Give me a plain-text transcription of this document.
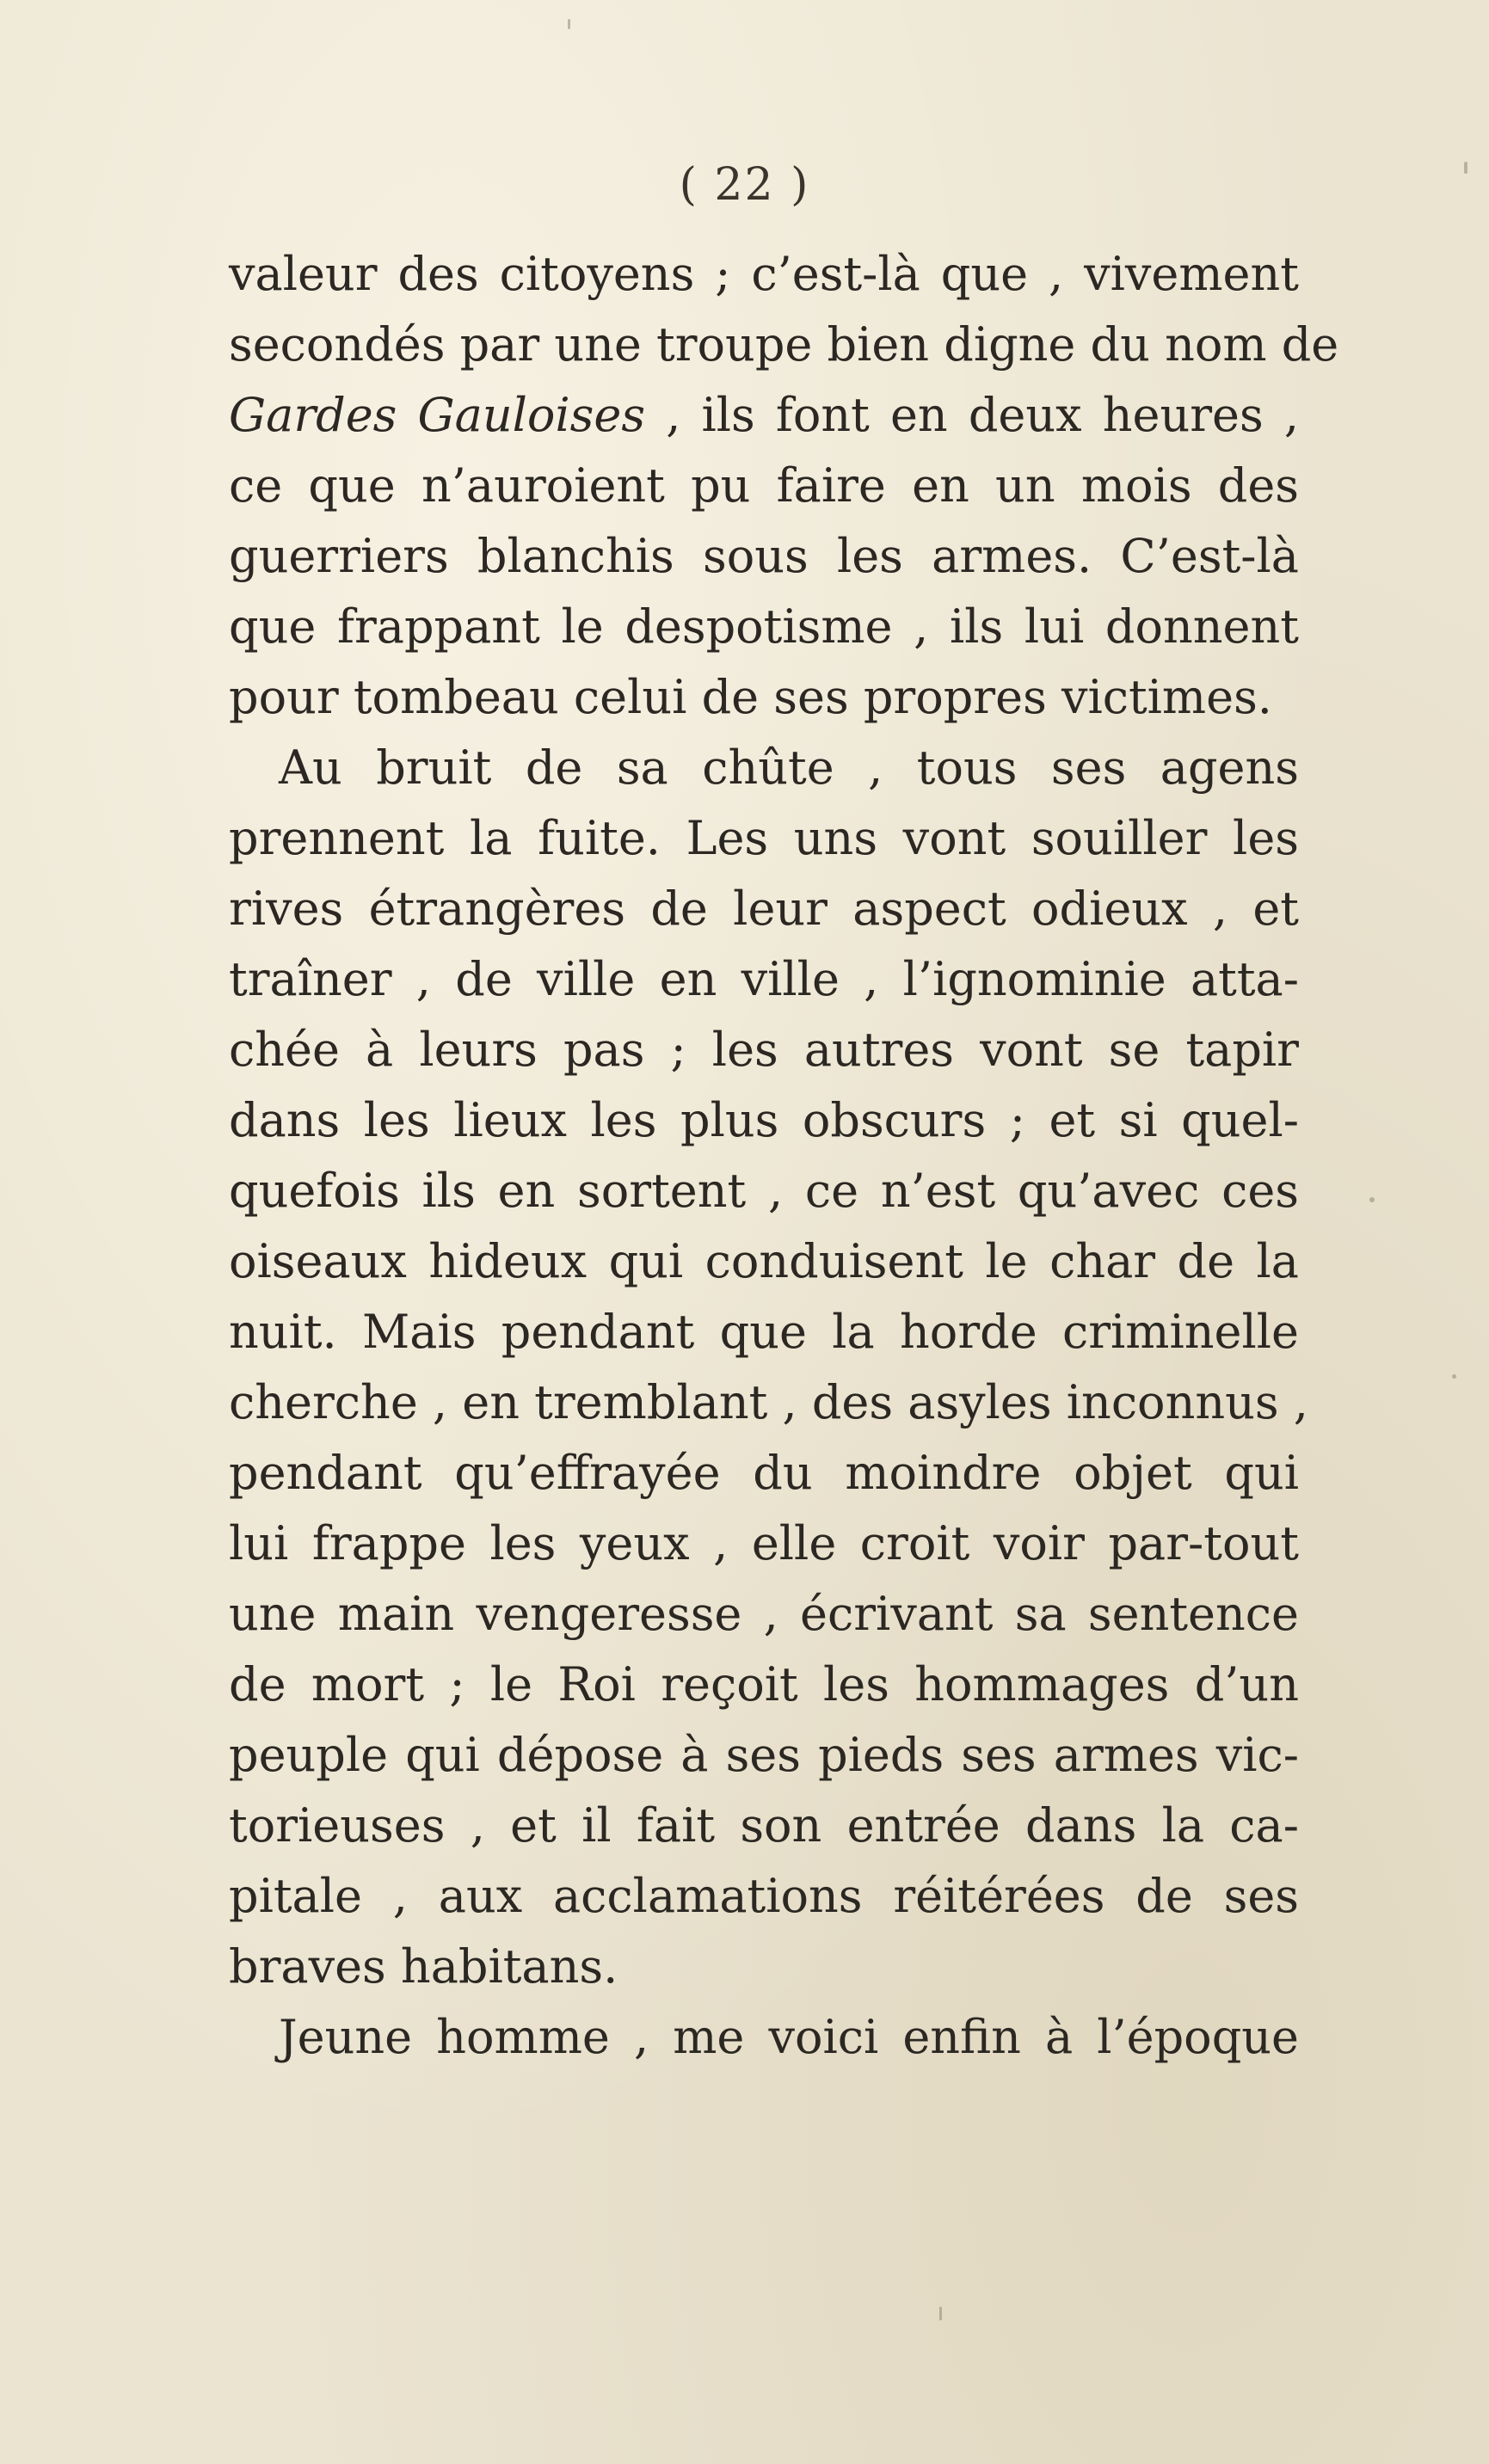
( 22 )
valeur des citoyens ; c’est-là que , vivement
secondés par une troupe bien digne du nom de
Gardes Gauloises , ils font en deux heures ,
ce que n’auroient pu faire en un mois des
guerriers blanchis sous les armes. C’est-là
que frappant le despotisme , ils lui donnent
pour tombeau celui de ses propres victimes.
Au bruit de sa chûte , tous ses agens
prennent la fuite. Les uns vont souiller les
rives étrangères de leur aspect odieux , et
traîner , de ville en ville , l’ignominie atta-
chée à leurs pas ; les autres vont se tapir
dans les lieux les plus obscurs ; et si quel-
quefois ils en sortent , ce n’est qu’avec ces
oiseaux hideux qui conduisent le char de la
nuit. Mais pendant que la horde criminelle
cherche , en tremblant , des asyles inconnus ,
pendant qu’effrayée du moindre objet qui
lui frappe les yeux , elle croit voir par-tout
une main vengeresse , écrivant sa sentence
de mort ; le Roi reçoit les hommages d’un
peuple qui dépose à ses pieds ses armes vic-
torieuses , et il fait son entrée dans la ca-
pitale , aux acclamations réitérées de ses
braves habitans.
Jeune homme , me voici enfin à l’époque
